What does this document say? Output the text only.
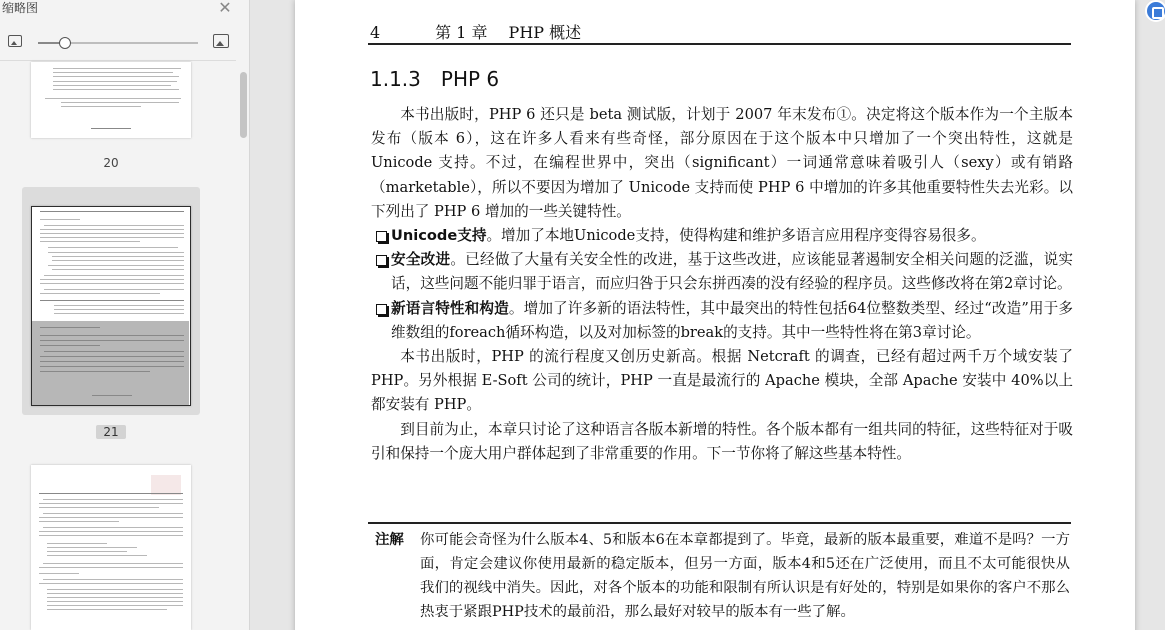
缩略图	✕
20
21
4	第 1 章 PHP 概述
1.1.3 PHP 6

本书出版时，PHP 6 还只是 beta 测试版，计划于 2007 年末发布①。决定将这个版本作为一个主版本发布（版本 6），这在许多人看来有些奇怪，部分原因在于这个版本中只增加了一个突出特性，这就是 Unicode 支持。不过，在编程世界中，突出（significant）一词通常意味着吸引人（sexy）或有销路（marketable），所以不要因为增加了 Unicode 支持而使 PHP 6 中增加的许多其他重要特性失去光彩。以下列出了 PHP 6 增加的一些关键特性。

Unicode支持。增加了本地Unicode支持，使得构建和维护多语言应用程序变得容易很多。
安全改进。已经做了大量有关安全性的改进，基于这些改进，应该能显著遏制安全相关问题的泛滥，说实话，这些问题不能归罪于语言，而应归咎于只会东拼西凑的没有经验的程序员。这些修改将在第2章讨论。
新语言特性和构造。增加了许多新的语法特性，其中最突出的特性包括64位整数类型、经过“改造”用于多维数组的foreach循环构造，以及对加标签的break的支持。其中一些特性将在第3章讨论。

本书出版时，PHP 的流行程度又创历史新高。根据 Netcraft 的调查，已经有超过两千万个域安装了 PHP。另外根据 E-Soft 公司的统计，PHP 一直是最流行的 Apache 模块，全部 Apache 安装中 40%以上都安装有 PHP。

到目前为止，本章只讨论了这种语言各版本新增的特性。各个版本都有一组共同的特征，这些特征对于吸引和保持一个庞大用户群体起到了非常重要的作用。下一节你将了解这些基本特性。

注解 你可能会奇怪为什么版本4、5和版本6在本章都提到了。毕竟，最新的版本最重要，难道不是吗？一方面，肯定会建议你使用最新的稳定版本，但另一方面，版本4和5还在广泛使用，而且不太可能很快从我们的视线中消失。因此，对各个版本的功能和限制有所认识是有好处的，特别是如果你的客户不那么热衷于紧跟PHP技术的最前沿，那么最好对较早的版本有一些了解。
